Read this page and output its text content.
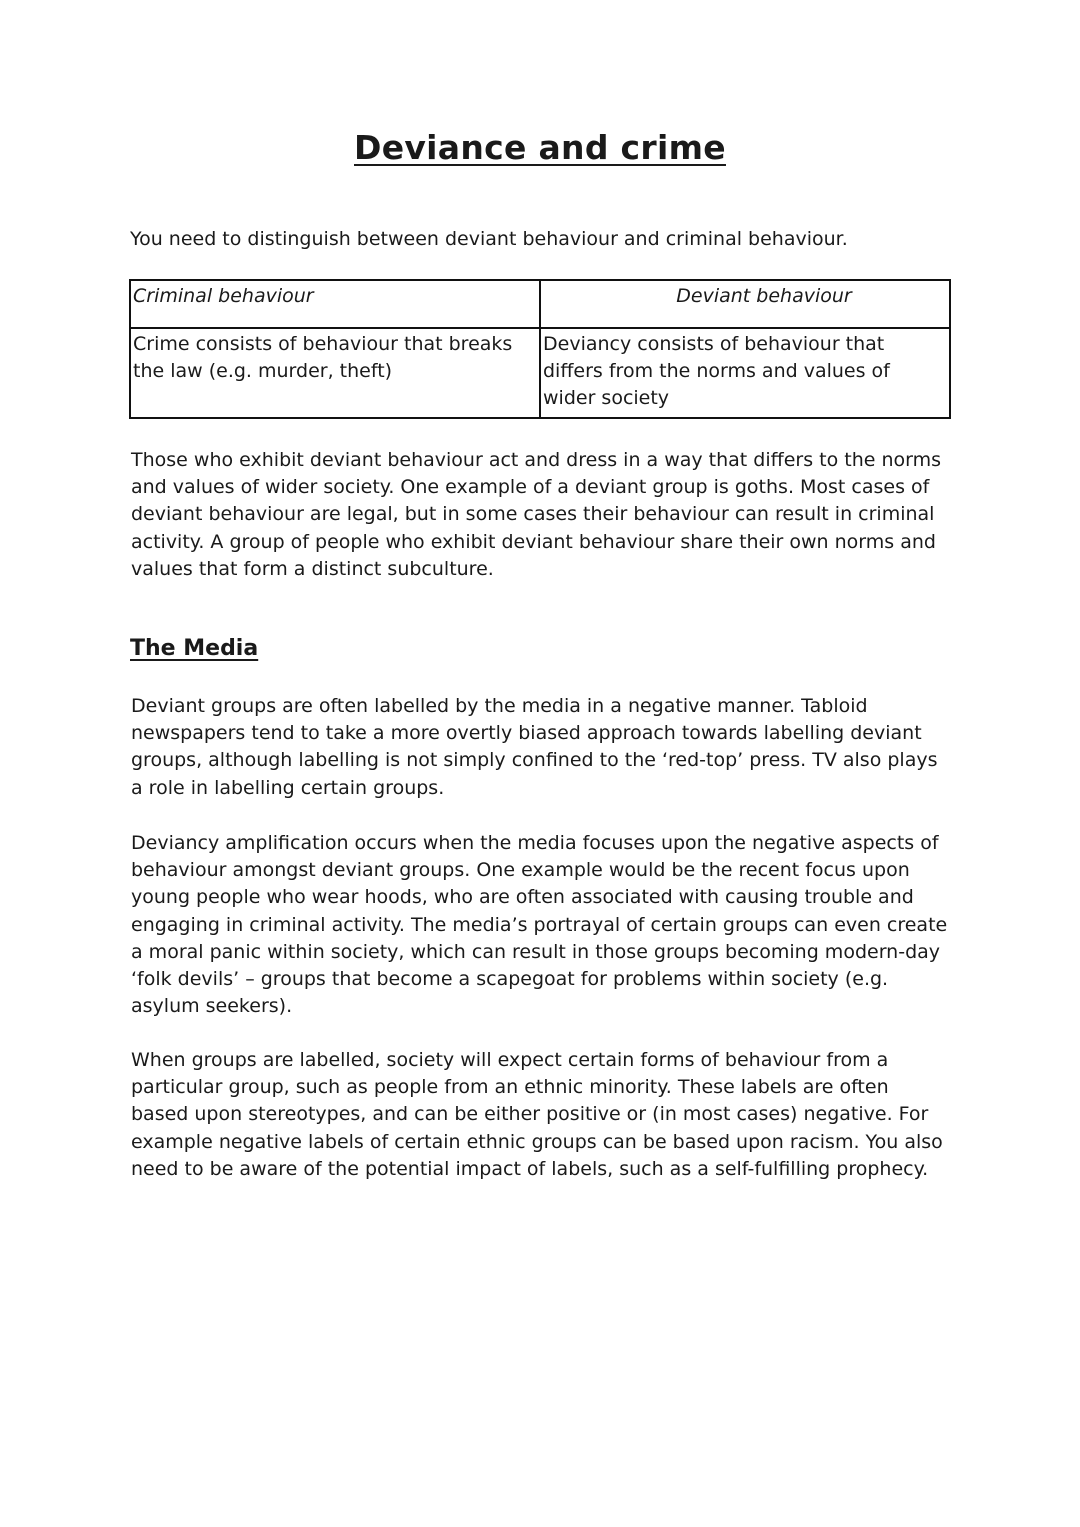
Deviance and crime
You need to distinguish between deviant behaviour and criminal behaviour.
Criminal behaviour	Deviant behaviour
Crime consists of behaviour that breaks the law (e.g. murder, theft)	Deviancy consists of behaviour that differs from the norms and values of wider society
Those who exhibit deviant behaviour act and dress in a way that differs to the norms and values of wider society. One example of a deviant group is goths. Most cases of deviant behaviour are legal, but in some cases their behaviour can result in criminal activity. A group of people who exhibit deviant behaviour share their own norms and values that form a distinct subculture.
The Media
Deviant groups are often labelled by the media in a negative manner. Tabloid newspapers tend to take a more overtly biased approach towards labelling deviant groups, although labelling is not simply confined to the ‘red-top’ press. TV also plays a role in labelling certain groups.
Deviancy amplification occurs when the media focuses upon the negative aspects of behaviour amongst deviant groups. One example would be the recent focus upon young people who wear hoods, who are often associated with causing trouble and engaging in criminal activity. The media’s portrayal of certain groups can even create a moral panic within society, which can result in those groups becoming modern-day ‘folk devils’ – groups that become a scapegoat for problems within society (e.g. asylum seekers).
When groups are labelled, society will expect certain forms of behaviour from a particular group, such as people from an ethnic minority. These labels are often based upon stereotypes, and can be either positive or (in most cases) negative. For example negative labels of certain ethnic groups can be based upon racism. You also need to be aware of the potential impact of labels, such as a self-fulfilling prophecy.
